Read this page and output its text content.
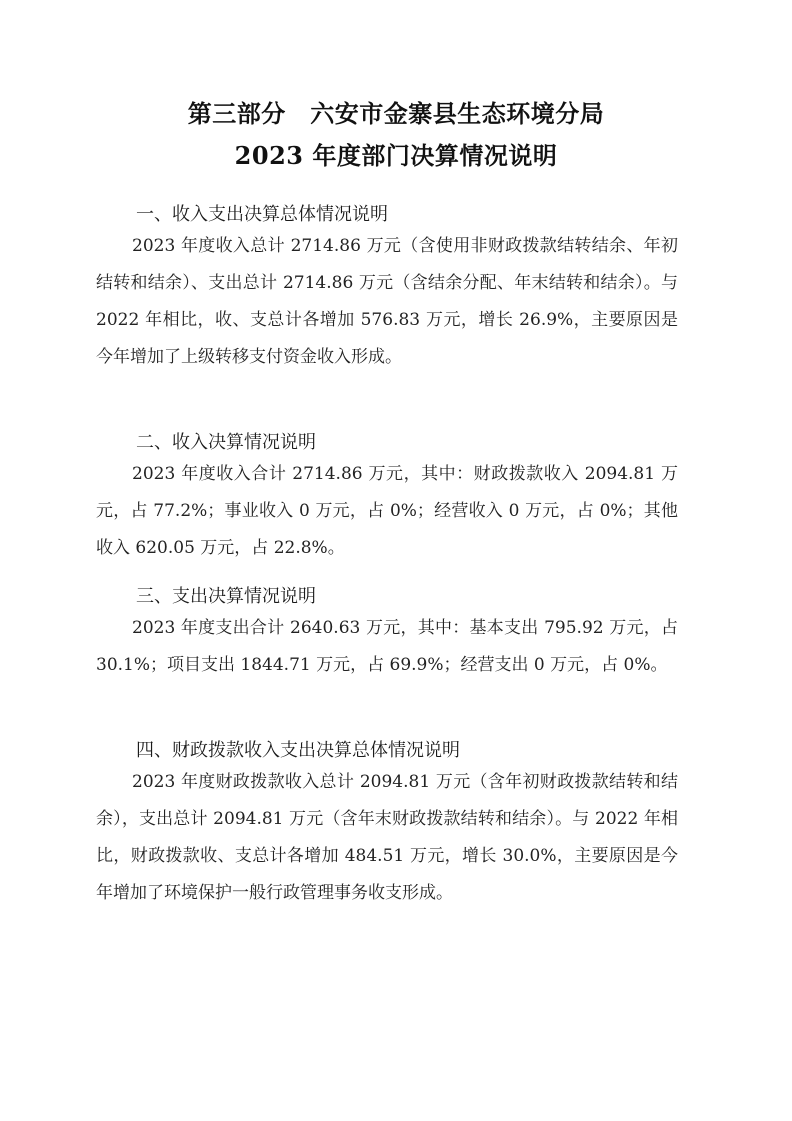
第三部分　六安市金寨县生态环境分局
2023 年度部门决算情况说明
一、收入支出决算总体情况说明

2023 年度收入总计 2714.86 万元（含使用非财政拨款结转结余、年初结转和结余）、支出总计 2714.86 万元（含结余分配、年末结转和结余）。与 2022 年相比，收、支总计各增加 576.83 万元，增长 26.9%，主要原因是今年增加了上级转移支付资金收入形成。

二、收入决算情况说明

2023 年度收入合计 2714.86 万元，其中：财政拨款收入 2094.81 万元，占 77.2%；事业收入 0 万元，占 0%；经营收入 0 万元，占 0%；其他收入 620.05 万元，占 22.8%。

三、支出决算情况说明

2023 年度支出合计 2640.63 万元，其中：基本支出 795.92 万元，占 30.1%；项目支出 1844.71 万元，占 69.9%；经营支出 0 万元，占 0%。

四、财政拨款收入支出决算总体情况说明

2023 年度财政拨款收入总计 2094.81 万元（含年初财政拨款结转和结余），支出总计 2094.81 万元（含年末财政拨款结转和结余）。与 2022 年相比，财政拨款收、支总计各增加 484.51 万元，增长 30.0%，主要原因是今年增加了环境保护一般行政管理事务收支形成。
